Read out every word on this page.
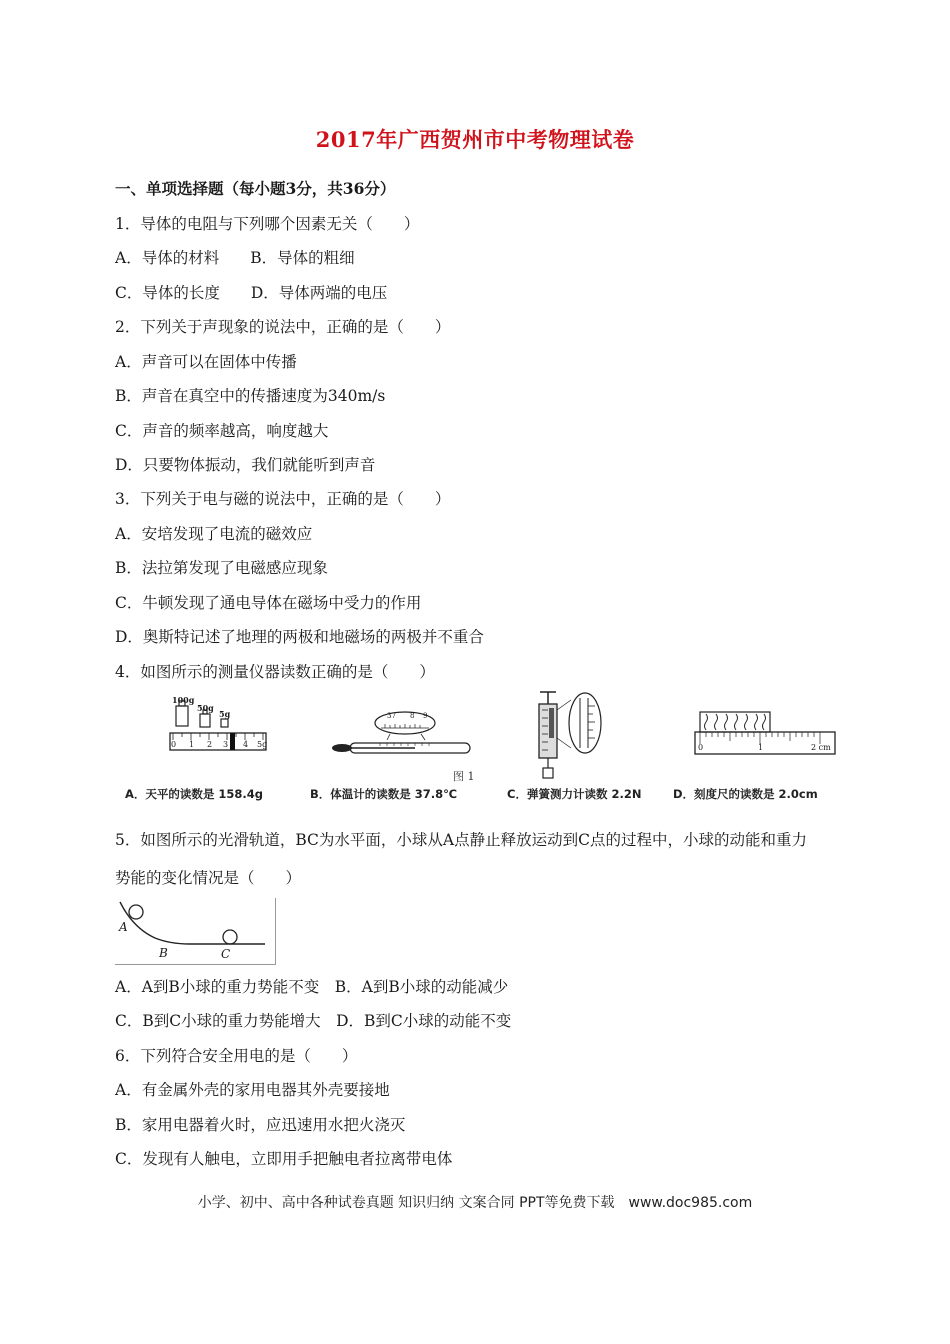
2017年广西贺州市中考物理试卷
一、单项选择题（每小题3分，共36分）
1．导体的电阻与下列哪个因素无关（　　）
A．导体的材料　　B．导体的粗细
C．导体的长度　　D．导体两端的电压
2．下列关于声现象的说法中，正确的是（　　）
A．声音可以在固体中传播
B．声音在真空中的传播速度为340m/s
C．声音的频率越高，响度越大
D．只要物体振动，我们就能听到声音
3．下列关于电与磁的说法中，正确的是（　　）
A．安培发现了电流的磁效应
B．法拉第发现了电磁感应现象
C．牛顿发现了通电导体在磁场中受力的作用
D．奥斯特记述了地理的两极和地磁场的两极并不重合
4．如图所示的测量仪器读数正确的是（　　）
100g
50g
5g
0 1 2 3 4 5g
37 8 9
图 1
0	1	2 cm
A．天平的读数是 158.4g	B．体温计的读数是 37.8℃	C．弹簧测力计读数 2.2N	D．刻度尺的读数是 2.0cm
5．如图所示的光滑轨道，BC为水平面，小球从A点静止释放运动到C点的过程中，小球的动能和重力
势能的变化情况是（　　）
A
B	C
A．A到B小球的重力势能不变　B．A到B小球的动能减少
C．B到C小球的重力势能增大　D．B到C小球的动能不变
6．下列符合安全用电的是（　　）
A．有金属外壳的家用电器其外壳要接地
B．家用电器着火时，应迅速用水把火浇灭
C．发现有人触电，立即用手把触电者拉离带电体
小学、初中、高中各种试卷真题 知识归纳 文案合同 PPT等免费下载　www.doc985.com
